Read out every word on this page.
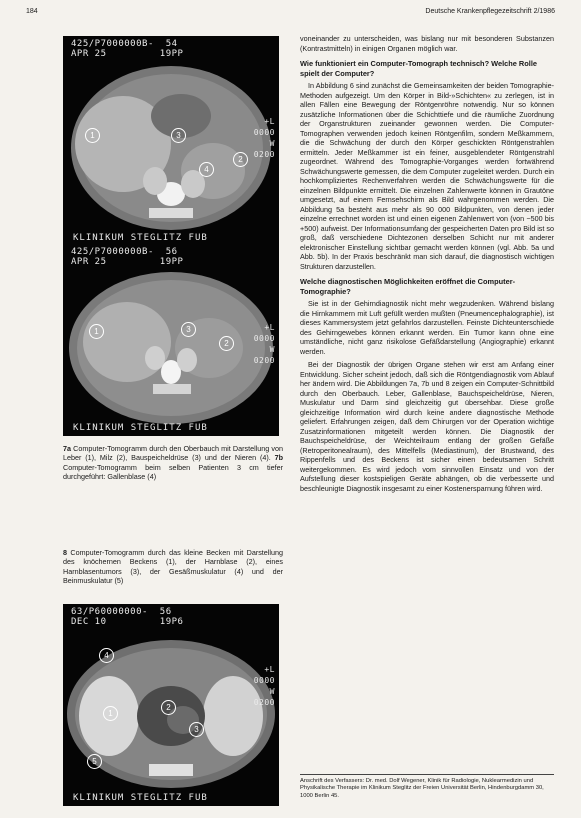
184	Deutsche Krankenpflegezeitschrift 2/1986
425/P7000000B-  54
APR 25         19PP
+L
0000
W
0200
1
2
3
4
KLINIKUM STEGLITZ FUB
425/P7000000B-  56
APR 25         19PP
+L
0000
W
0200
1
2
3
KLINIKUM STEGLITZ FUB
7a Computer-Tomogramm durch den Oberbauch mit Darstellung von Leber (1), Milz (2), Bauspeicheldrüse (3) und der Nieren (4). 7b Computer-Tomogramm beim selben Patienten 3 cm tiefer durchgeführt: Gallenblase (4)
8 Computer-Tomogramm durch das kleine Becken mit Darstellung des knöchernen Beckens (1), der Harnblase (2), eines Harnblasentumors (3), der Gesäßmuskulatur (4) und der Beinmuskulatur (5)
63/P60000000-  56
DEC 10         19P6
+L
0000
W
0200
1
2
3
4
5
KLINIKUM STEGLITZ FUB

voneinander zu unterscheiden, was bislang nur mit besonderen Substanzen (Kontrastmitteln) in einigen Organen möglich war.

Wie funktioniert ein Computer-Tomograph technisch? Welche Rolle spielt der Computer?

In Abbildung 6 sind zunächst die Gemeinsamkeiten der beiden Tomographie-Methoden aufgezeigt. Um den Körper in Bild-»Schichten« zu zerlegen, ist in allen Fällen eine Bewegung der Röntgenröhre notwendig. Nur so können zusätzliche Informationen über die Schichttiefe und die räumliche Zuordnung der Organstrukturen zueinander gewonnen werden. Die Computer-Tomographen verwenden jedoch keinen Röntgenfilm, sondern Meßkammern, die die Schwächung der durch den Körper geschickten Röntgenstrahlen ermitteln. Jeder Meßkammer ist ein feiner, ausgeblendeter Röntgenstrahl zugeordnet. Während des Tomographie-Vorganges werden fortwährend Schwächungswerte gemessen, die dem Computer zugeleitet werden. Durch ein hochkompliziertes Rechenverfahren werden die Schwächungswerte für die einzelnen Bildpunkte ermittelt. Die einzelnen Zahlenwerte können in Grautöne umgesetzt, auf einem Fernsehschirm als Bild wahrgenommen werden. Die Abbildung 5a besteht aus mehr als 90 000 Bildpunkten, von denen jeder einzelne errechnet worden ist und einen eigenen Zahlenwert von (von −500 bis +500) aufweist. Der Informationsumfang der gespeicherten Daten pro Bild ist so groß, daß verschiedene Dichtezonen derselben Schicht nur mit anderer elektronischer Einstellung sichtbar gemacht werden können (vgl. Abb. 5a und Abb. 5b). In der Praxis beschränkt man sich darauf, die diagnostisch wichtigen Strukturen darzustellen.

Welche diagnostischen Möglichkeiten eröffnet die Computer-Tomographie?

Sie ist in der Gehirndiagnostik nicht mehr wegzudenken. Während bislang die Hirnkammern mit Luft gefüllt werden mußten (Pneumencephalographie), ist dieses Kammersystem jetzt gefahrlos darzustellen. Feinste Dichteunterschiede des Gehirngewebes können erkannt werden. Ein Tumor kann ohne eine umständliche, nicht ganz risikolose Gefäßdarstellung (Angiographie) erkannt werden.

Bei der Diagnostik der übrigen Organe stehen wir erst am Anfang einer Entwicklung. Sicher scheint jedoch, daß sich die Röntgendiagnostik vom Ablauf her ändern wird. Die Abbildungen 7a, 7b und 8 zeigen ein Computer-Schnittbild durch den Oberbauch. Leber, Gallenblase, Bauchspeicheldrüse, Nieren, Muskulatur und Darm sind gleichzeitig gut übersehbar. Diese große gleichzeitige Information wird durch keine andere diagnostische Methode geliefert. Erfahrungen zeigen, daß dem Chirurgen vor der Operation wichtige Zusatzinformationen mitgeteilt werden können. Die Diagnostik der Bauchspeicheldrüse, der Weichteilraum entlang der großen Gefäße (Retroperitonealraum), des Mittelfells (Mediastinum), der Brustwand, des Rippenfells und des Beckens ist sicher einen bedeutsamen Schritt weitergekommen. Es wird jedoch vom sinnvollen Einsatz und von der Aufstellung dieser kostspieligen Geräte abhängen, ob die verbesserte und beschleunigte Diagnostik insgesamt zu einer Kostenersparnung führen wird.

Anschrift des Verfassers: Dr. med. Dolf Wegener, Klinik für Radiologie, Nuklearmedizin und Physikalische Therapie im Klinikum Steglitz der Freien Universität Berlin, Hindenburgdamm 30, 1000 Berlin 45.
